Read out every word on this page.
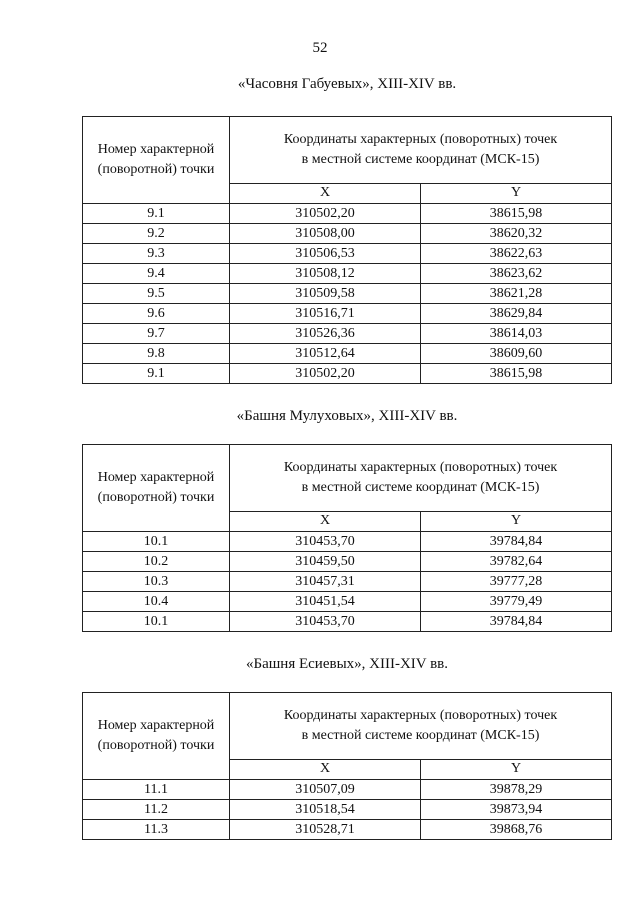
52
«Часовня Габуевых», XIII-XIV вв.
Номер характерной
(поворотной) точки	Координаты характерных (поворотных) точек
в местной системе координат (МСК-15)	

	X	Y
9.1	310502,20	38615,98
9.2	310508,00	38620,32
9.3	310506,53	38622,63
9.4	310508,12	38623,62
9.5	310509,58	38621,28
9.6	310516,71	38629,84
9.7	310526,36	38614,03
9.8	310512,64	38609,60
9.1	310502,20	38615,98
«Башня Мулуховых», XIII-XIV вв.
Номер характерной
(поворотной) точки	Координаты характерных (поворотных) точек
в местной системе координат (МСК-15)	

	X	Y
10.1	310453,70	39784,84
10.2	310459,50	39782,64
10.3	310457,31	39777,28
10.4	310451,54	39779,49
10.1	310453,70	39784,84
«Башня Есиевых», XIII-XIV вв.
Номер характерной
(поворотной) точки	Координаты характерных (поворотных) точек
в местной системе координат (МСК-15)	

	X	Y
11.1	310507,09	39878,29
11.2	310518,54	39873,94
11.3	310528,71	39868,76
